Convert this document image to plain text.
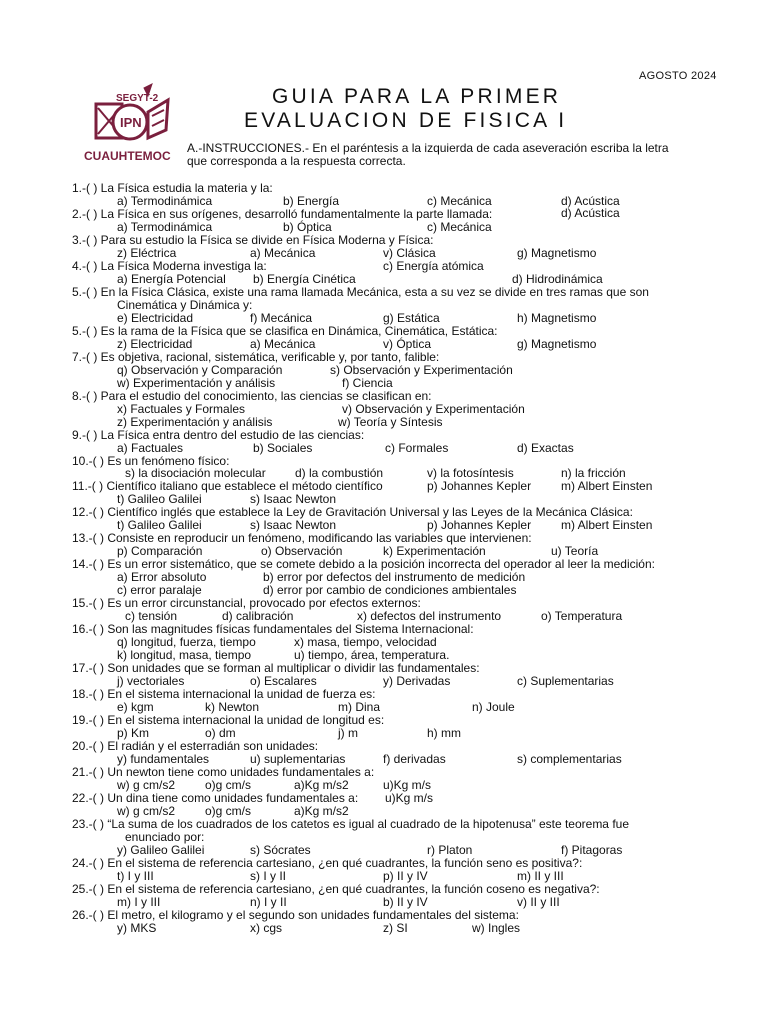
AGOSTO 2024
SEGYT-2
IPN
CUAUHTEMOC
GUIA PARA LA PRIMER
EVALUACION DE FISICA I
A.-INSTRUCCIONES.- En el paréntesis a la izquierda de cada aseveración escriba la letra
que corresponda a la respuesta correcta.
1.-( ) La Física estudia la materia y la:
a) Termodinámica	b) Energía	c) Mecánica	d) Acústica
2.-( ) La Física en sus orígenes, desarrolló fundamentalmente la parte llamada:	d) Acústica
a) Termodinámica	b) Óptica	c) Mecánica
3.-( ) Para su estudio la Física se divide en Física Moderna y Física:
z) Eléctrica	a) Mecánica	v) Clásica	g) Magnetismo
4.-( ) La Física Moderna investiga la:	c) Energía atómica
a) Energía Potencial b) Energía Cinética	d) Hidrodinámica
5.-( ) En la Física Clásica, existe una rama llamada Mecánica, esta a su vez se divide en tres ramas que son
Cinemática y Dinámica y:
e) Electricidad	f) Mecánica	g) Estática	h) Magnetismo
5.-( ) Es la rama de la Física que se clasifica en Dinámica, Cinemática, Estática:
z) Electricidad	a) Mecánica	v) Óptica	g) Magnetismo
7.-( ) Es objetiva, racional, sistemática, verificable y, por tanto, falible:
q) Observación y Comparación	s) Observación y Experimentación
w) Experimentación y análisis	f) Ciencia
8.-( ) Para el estudio del conocimiento, las ciencias se clasifican en:
x) Factuales y Formales	v) Observación y Experimentación
z) Experimentación y análisis	w) Teoría y Síntesis
9.-( ) La Física entra dentro del estudio de las ciencias:
a) Factuales	b) Sociales	c) Formales	d) Exactas
10.-( ) Es un fenómeno físico:
s) la disociación molecular d) la combustión	v) la fotosíntesis	n) la fricción
11.-( ) Científico italiano que establece el método científico	p) Johannes Kepler m) Albert Einsten
t) Galileo Galilei	s) Isaac Newton
12.-( ) Científico inglés que establece la Ley de Gravitación Universal y las Leyes de la Mecánica Clásica:
t) Galileo Galilei	s) Isaac Newton	p) Johannes Kepler m) Albert Einsten
13.-( ) Consiste en reproducir un fenómeno, modificando las variables que intervienen:
p) Comparación	o) Observación	k) Experimentación	u) Teoría
14.-( ) Es un error sistemático, que se comete debido a la posición incorrecta del operador al leer la medición:
a) Error absoluto	b) error por defectos del instrumento de medición
c) error paralaje	d) error por cambio de condiciones ambientales
15.-( ) Es un error circunstancial, provocado por efectos externos:
c) tensión	d) calibración	x) defectos del instrumento	o) Temperatura
16.-( ) Son las magnitudes físicas fundamentales del Sistema Internacional:
q) longitud, fuerza, tiempo	x) masa, tiempo, velocidad
k) longitud, masa, tiempo	u) tiempo, área, temperatura.
17.-( ) Son unidades que se forman al multiplicar o dividir las fundamentales:
j) vectoriales	o) Escalares	y) Derivadas	c) Suplementarias
18.-( ) En el sistema internacional la unidad de fuerza es:
e) kgm	k) Newton	m) Dina	n) Joule
19.-( ) En el sistema internacional la unidad de longitud es:
p) Km	o) dm	j) m	h) mm
20.-( ) El radián y el esterradián son unidades:
y) fundamentales	u) suplementarias	f) derivadas	s) complementarias
21.-( ) Un newton tiene como unidades fundamentales a:
w) g cm/s2 o)g cm/s	a)Kg m/s2	u)Kg m/s
22.-( ) Un dina tiene como unidades fundamentales a: u)Kg m/s
w) g cm/s2 o)g cm/s	a)Kg m/s2
23.-( ) “La suma de los cuadrados de los catetos es igual al cuadrado de la hipotenusa” este teorema fue
enunciado por:
y) Galileo Galilei	s) Sócrates	r) Platon	f) Pitagoras
24.-( ) En el sistema de referencia cartesiano, ¿en qué cuadrantes, la función seno es positiva?:
t) I y III	s) I y II	p) II y IV	m) II y III
25.-( ) En el sistema de referencia cartesiano, ¿en qué cuadrantes, la función coseno es negativa?:
m) I y III	n) I y II	b) II y IV	v) II y III
26.-( ) El metro, el kilogramo y el segundo son unidades fundamentales del sistema:
y) MKS	x) cgs	z) SI	w) Ingles
